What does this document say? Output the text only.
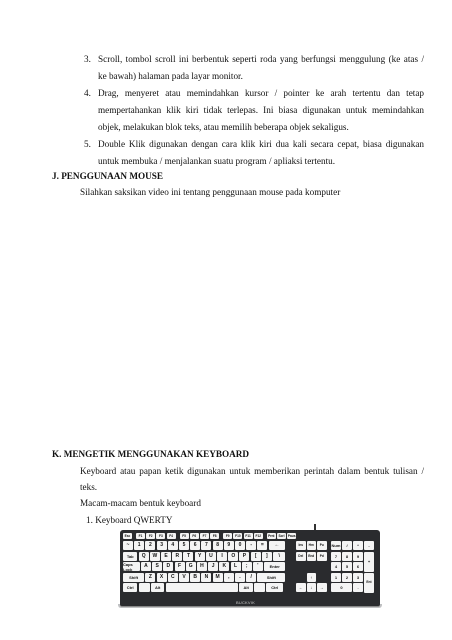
3. Scroll, tombol scroll ini berbentuk seperti roda yang berfungsi menggulung (ke atas /
ke bawah) halaman pada layar monitor.
4. Drag, menyeret atau memindahkan kursor / pointer ke arah tertentu dan tetap
mempertahankan klik kiri tidak terlepas. Ini biasa digunakan untuk memindahkan
objek, melakukan blok teks, atau memilih beberapa objek sekaligus.
5. Double Klik digunakan dengan cara klik kiri dua kali secara cepat, biasa digunakan
untuk membuka / menjalankan suatu program / apliaksi tertentu.
J. PENGGUNAAN MOUSE
Silahkan saksikan video ini tentang penggunaan mouse pada komputer
K. MENGETIK MENGGUNAKAN KEYBOARD
Keyboard atau papan ketik digunakan untuk memberikan perintah dalam bentuk tulisan /
teks.
Macam-macam bentuk keyboard
1. Keyboard QWERTY
Esc	F1	F2	F3	F4	F5	F6	F7	F8	F9	F10	F11	F12	Prnt	Scrl	Paus
~	1	2	3	4	5	6	7	8	9	0	-	=	←
Tab	Q	W	E	R	T	Y	U	I	O	P	[	]	\
Caps Lock
A	S	D	F	G	H	J	K	L	;	'	Enter
Shift	Z	X	C	V	B	N	M	,	.	/	Shift
Ctrl	Alt	Alt	Ctrl
Ins	Hm	Pu
Del	End	Pd
↑
←	↓	→
Num	/	*	-
7	8	9
4	5	6
1	2	3
+
Ent
0	.
BUCKVIK
